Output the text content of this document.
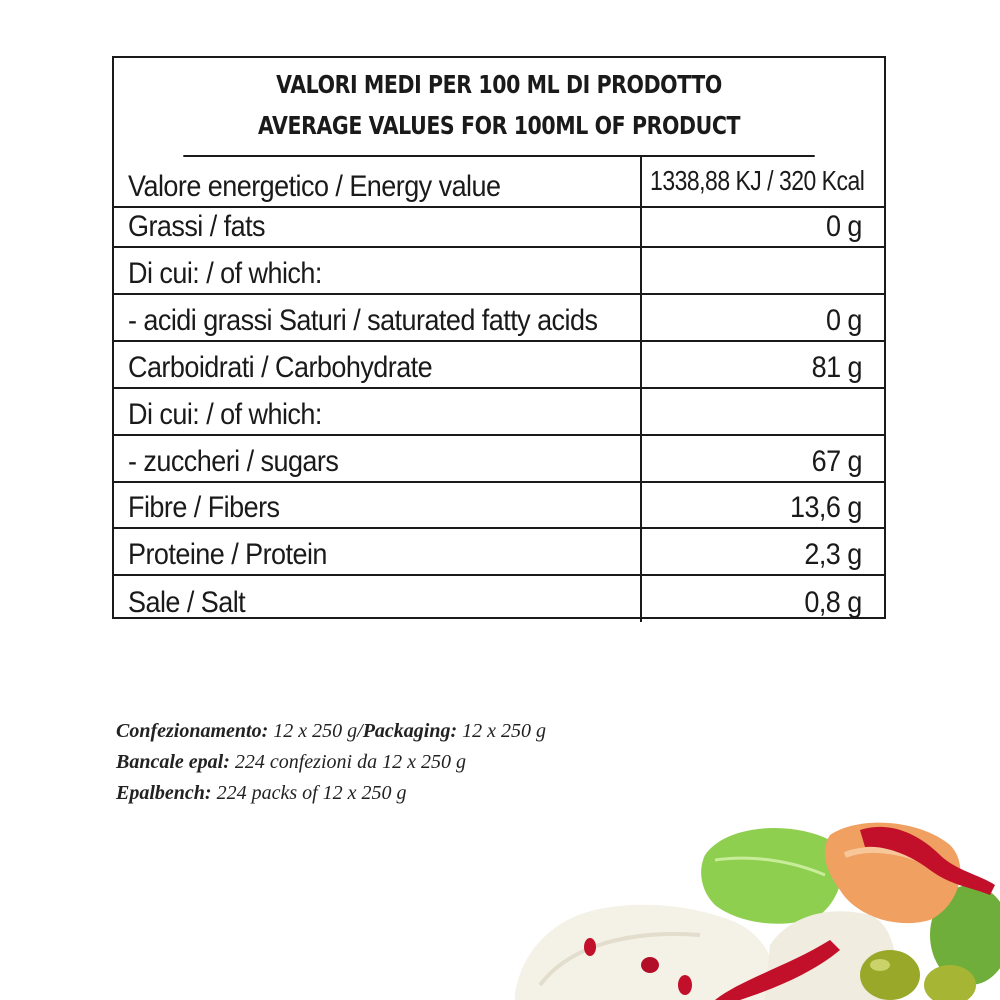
VALORI MEDI PER 100 ML DI PRODOTTO
AVERAGE VALUES FOR 100ML OF PRODUCT
Valore energetico / Energy value	1338,88 KJ / 320 Kcal
Grassi / fats	0 g
Di cui: / of which:
- acidi grassi Saturi / saturated fatty acids	0 g
Carboidrati / Carbohydrate	81 g
Di cui: / of which:
- zuccheri / sugars	67 g
Fibre / Fibers	13,6 g
Proteine / Protein	2,3 g
Sale / Salt	0,8 g
Confezionamento: 12 x 250 g/Packaging: 12 x 250 g
Bancale epal: 224 confezioni da 12 x 250 g
Epalbench: 224 packs of 12 x 250 g
